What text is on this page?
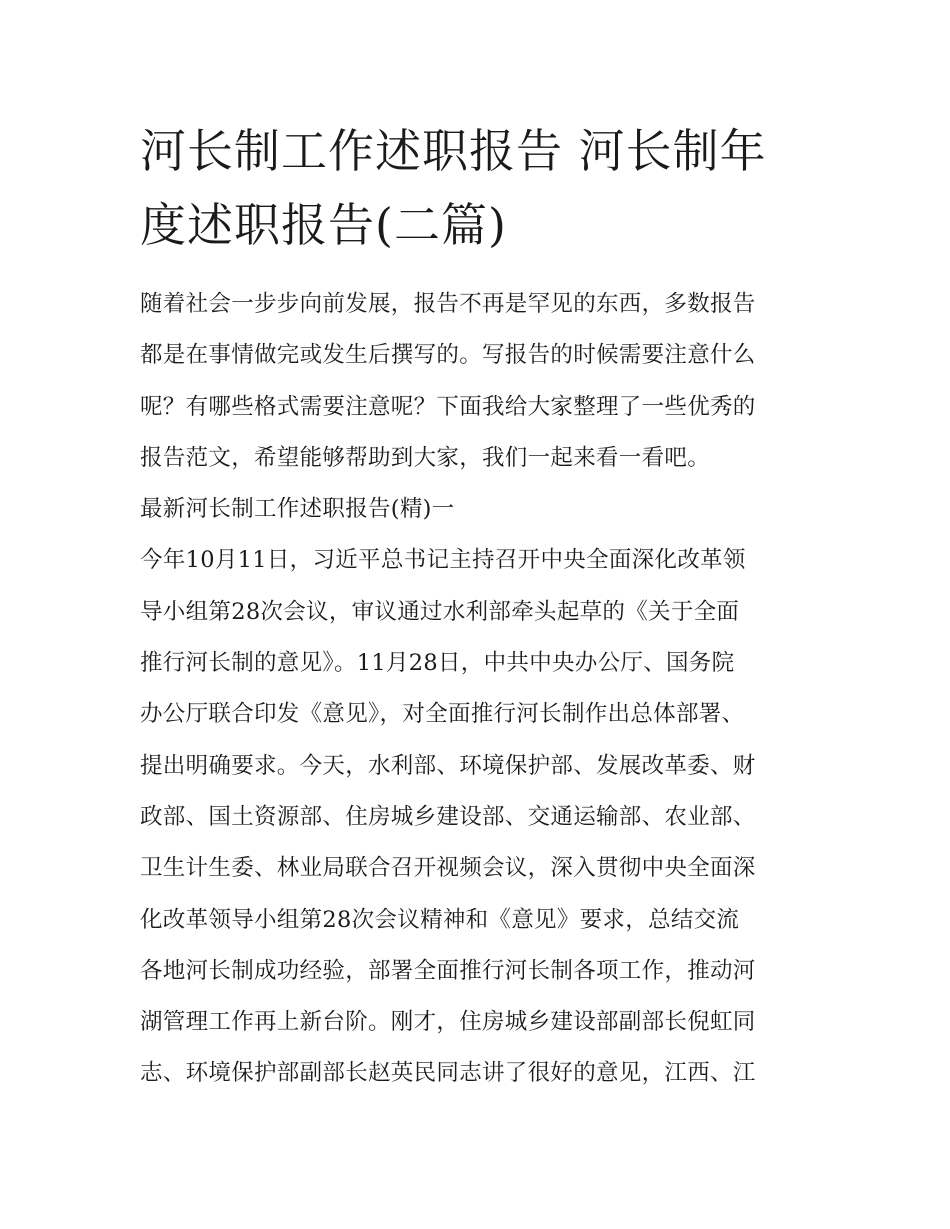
河长制工作述职报告 河长制年
度述职报告(二篇)
随着社会一步步向前发展，报告不再是罕见的东西，多数报告
都是在事情做完或发生后撰写的。写报告的时候需要注意什么
呢？有哪些格式需要注意呢？下面我给大家整理了一些优秀的
报告范文，希望能够帮助到大家，我们一起来看一看吧。
最新河长制工作述职报告(精)一
今年10月11日，习近平总书记主持召开中央全面深化改革领
导小组第28次会议，审议通过水利部牵头起草的《关于全面
推行河长制的意见》。11月28日，中共中央办公厅、国务院
办公厅联合印发《意见》，对全面推行河长制作出总体部署、
提出明确要求。今天，水利部、环境保护部、发展改革委、财
政部、国土资源部、住房城乡建设部、交通运输部、农业部、
卫生计生委、林业局联合召开视频会议，深入贯彻中央全面深
化改革领导小组第28次会议精神和《意见》要求，总结交流
各地河长制成功经验，部署全面推行河长制各项工作，推动河
湖管理工作再上新台阶。刚才，住房城乡建设部副部长倪虹同
志、环境保护部副部长赵英民同志讲了很好的意见，江西、江
